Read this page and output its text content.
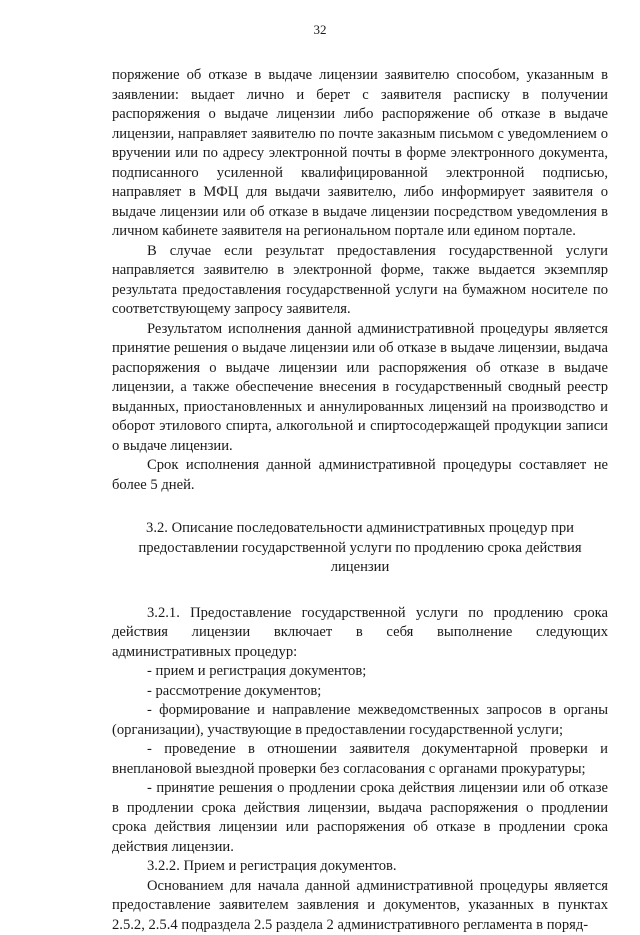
32

поряжение об отказе в выдаче лицензии заявителю способом, указанным в заявлении: выдает лично и берет с заявителя расписку в получении распоряжения о выдаче лицензии либо распоряжение об отказе в выдаче лицензии, направляет заявителю по почте заказным письмом с уведомлением о вручении или по адресу электронной почты в форме электронного документа, подписанного усиленной квалифицированной электронной подписью, направляет в МФЦ для выдачи заявителю, либо информирует заявителя о выдаче лицензии или об отказе в выдаче лицензии посредством уведомления в личном кабинете заявителя на региональном портале или едином портале.

В случае если результат предоставления государственной услуги направляется заявителю в электронной форме, также выдается экземпляр результата предоставления государственной услуги на бумажном носителе по соответствующему запросу заявителя.

Результатом исполнения данной административной процедуры является принятие решения о выдаче лицензии или об отказе в выдаче лицензии, выдача распоряжения о выдаче лицензии или распоряжения об отказе в выдаче лицензии, а также обеспечение внесения в государственный сводный реестр выданных, приостановленных и аннулированных лицензий на производство и оборот этилового спирта, алкогольной и спиртосодержащей продукции записи о выдаче лицензии.

Срок исполнения данной административной процедуры составляет не более 5 дней.

3.2. Описание последовательности административных процедур при
предоставлении государственной услуги по продлению срока действия
лицензии

3.2.1. Предоставление государственной услуги по продлению срока действия лицензии включает в себя выполнение следующих административных процедур:

- прием и регистрация документов;

- рассмотрение документов;

- формирование и направление межведомственных запросов в органы (организации), участвующие в предоставлении государственной услуги;

- проведение в отношении заявителя документарной проверки и внеплановой выездной проверки без согласования с органами прокуратуры;

- принятие решения о продлении срока действия лицензии или об отказе в продлении срока действия лицензии, выдача распоряжения о продлении срока действия лицензии или распоряжения об отказе в продлении срока действия лицензии.

3.2.2. Прием и регистрация документов.

Основанием для начала данной административной процедуры является предоставление заявителем заявления и документов, указанных в пунктах 2.5.2, 2.5.4 подраздела 2.5 раздела 2 административного регламента в поряд-
